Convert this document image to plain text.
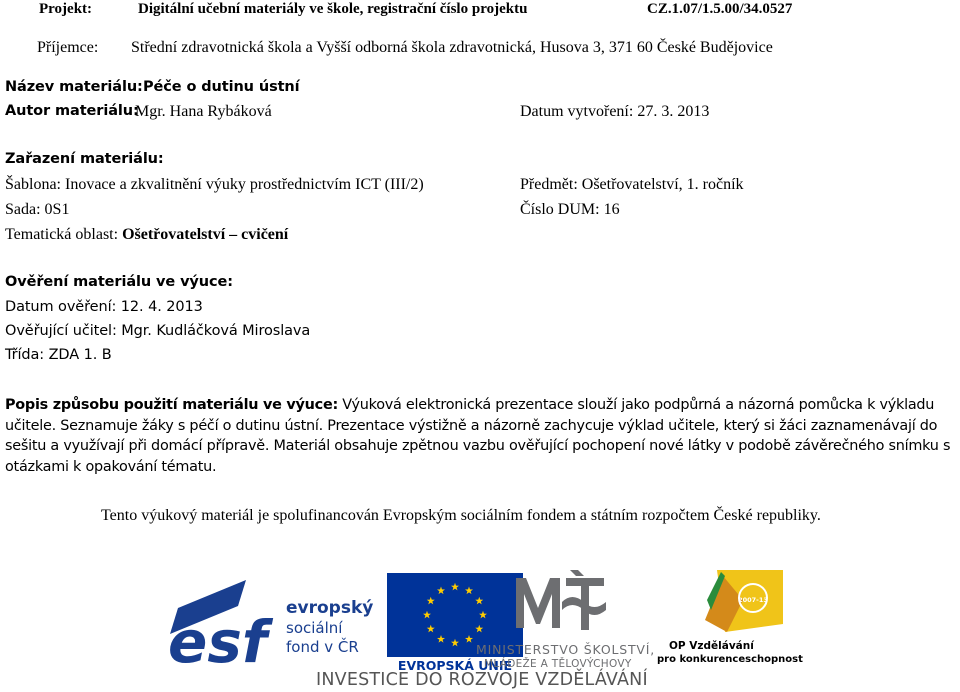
Projekt:	Digitální učební materiály ve škole, registrační číslo projektu	CZ.1.07/1.5.00/34.0527
Příjemce: Střední zdravotnická škola a Vyšší odborná škola zdravotnická, Husova 3, 371 60 České Budějovice
Název materiálu: Péče o dutinu ústní
Autor materiálu:
Mgr. Hana Rybáková	Datum vytvoření: 27. 3. 2013
Zařazení materiálu:
Šablona: Inovace a zkvalitnění výuky prostřednictvím ICT (III/2)	Předmět: Ošetřovatelství, 1. ročník
Sada: 0S1	Číslo DUM: 16
Tematická oblast: Ošetřovatelství – cvičení
Ověření materiálu ve výuce:
Datum ověření: 12. 4. 2013
Ověřující učitel: Mgr. Kudláčková Miroslava
Třída: ZDA 1. B
Popis způsobu použití materiálu ve výuce: Výuková elektronická prezentace slouží jako podpůrná a názorná pomůcka k výkladu učitele. Seznamuje žáky s péčí o dutinu ústní. Prezentace výstižně a názorně zachycuje výklad učitele, který si žáci zaznamenávají do sešitu a využívají při domácí přípravě. Materiál obsahuje zpětnou vazbu ověřující pochopení nové látky v podobě závěrečného snímku s otázkami k opakování tématu.
Tento výukový materiál je spolufinancován Evropským sociálním fondem a státním rozpočtem České republiky.
esf	evropský
sociální
fond v ČR
EVROPSKÁ UNIE
MINISTERSTVO ŠKOLSTVÍ,
MLÁDEŽE A TĚLOVÝCHOVY
2007-13
OP Vzdělávání
pro konkurenceschopnost
INVESTICE DO ROZVOJE VZDĚLÁVÁNÍ
